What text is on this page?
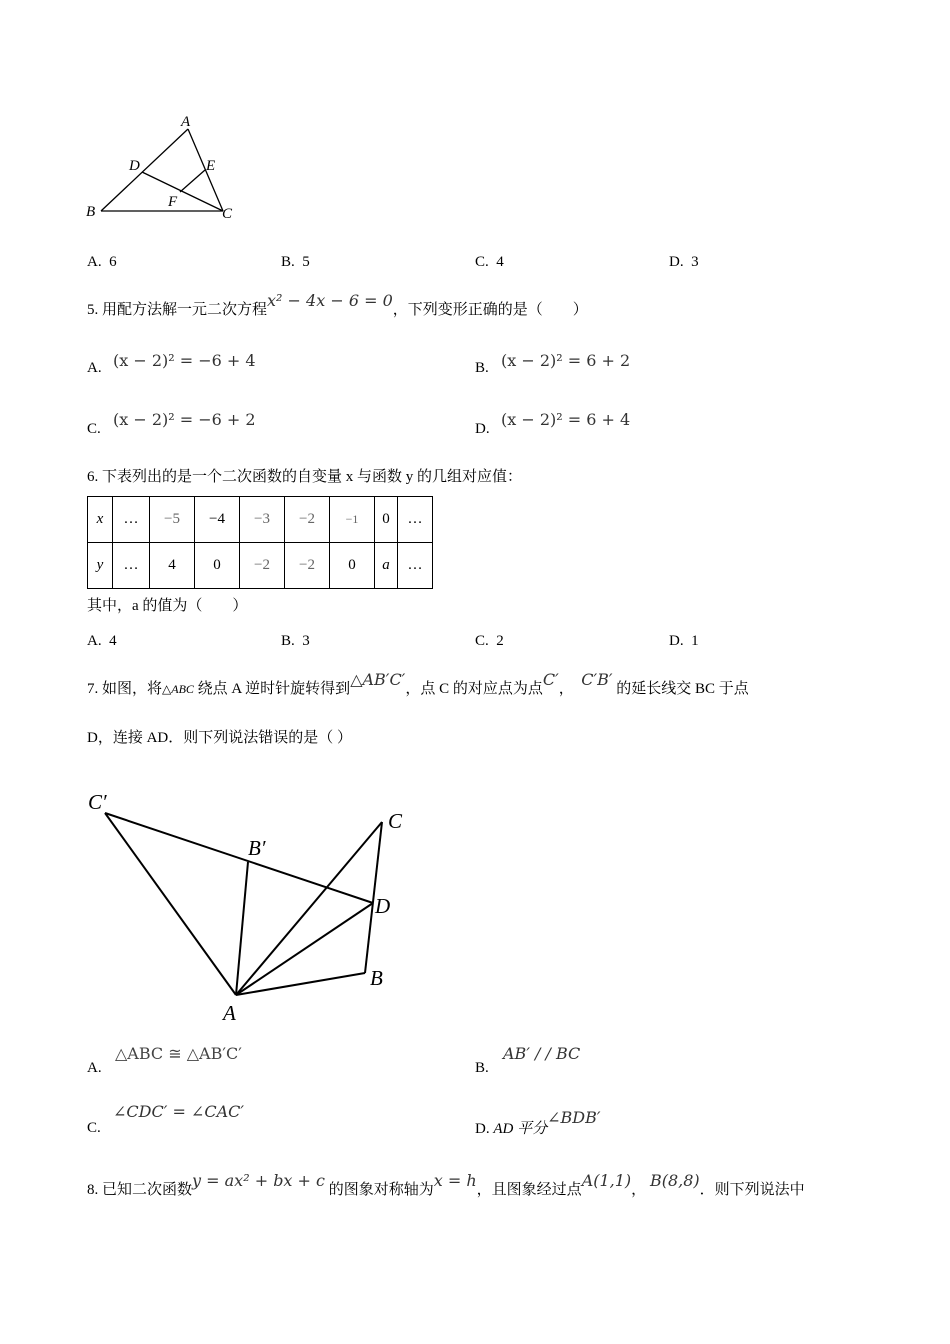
A
D	E
F
B	C
A. 6	B. 5	C. 4	D. 3
5. 用配方法解一元二次方程x² − 4x − 6 = 0，下列变形正确的是（　　）
A. (x − 2)² = −6 + 4	B. (x − 2)² = 6 + 2
C. (x − 2)² = −6 + 2	D. (x − 2)² = 6 + 4
6. 下表列出的是一个二次函数的自变量 x 与函数 y 的几组对应值：
x	…	−5	−4	−3	−2	−1	0	…
y	…	4	0	−2	−2	0	a	…
其中，a 的值为（　　）
A. 4	B. 3	C. 2	D. 1
7. 如图，将△ABC 绕点 A 逆时针旋转得到△AB′C′，点 C 的对应点为点C′， C′B′ 的延长线交 BC 于点
D，连接 AD．则下列说法错误的是（ ）
C′
B′
C
D
B
A
A.
△ABC ≅ △AB′C′
B.
AB′ / / BC
C.
∠CDC′ = ∠CAC′
D. AD 平分∠BDB′
8. 已知二次函数y = ax² + bx + c 的图象对称轴为x = h，且图象经过点A(1,1)， B(8,8)．则下列说法中
